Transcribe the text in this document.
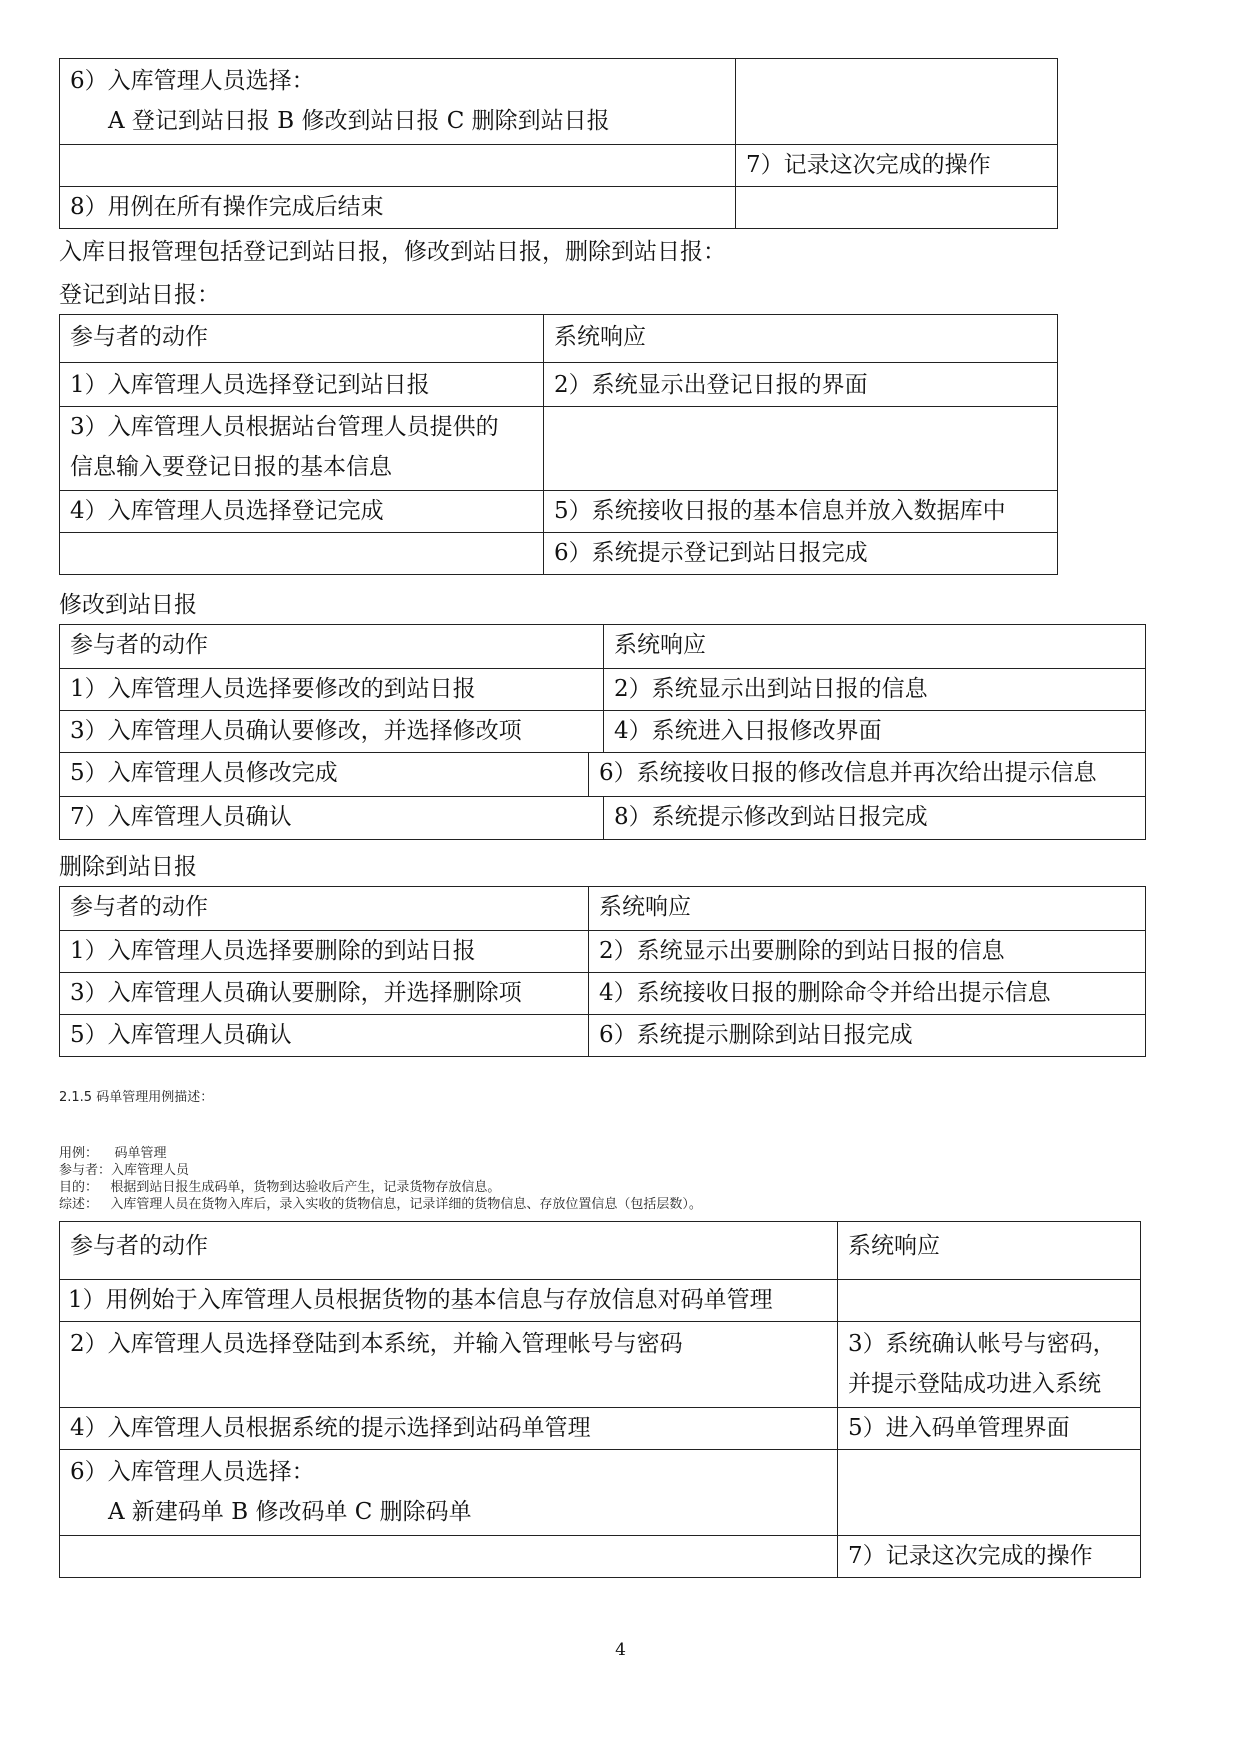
6）入库管理人员选择：
A 登记到站日报 B 修改到站日报 C 删除到站日报	

	7）记录这次完成的操作
8）用例在所有操作完成后结束	
入库日报管理包括登记到站日报，修改到站日报，删除到站日报：
登记到站日报：
参与者的动作	系统响应
1）入库管理人员选择登记到站日报	2）系统显示出登记日报的界面

3）入库管理人员根据站台管理人员提供的
信息输入要登记日报的基本信息	

4）入库管理人员选择登记完成	5）系统接收日报的基本信息并放入数据库中
	6）系统提示登记到站日报完成
修改到站日报
参与者的动作	系统响应
1）入库管理人员选择要修改的到站日报	2）系统显示出到站日报的信息
3）入库管理人员确认要修改，并选择修改项	4）系统进入日报修改界面
5）入库管理人员修改完成	6）系统接收日报的修改信息并再次给出提示信息
7）入库管理人员确认	8）系统提示修改到站日报完成
删除到站日报
参与者的动作	系统响应
1）入库管理人员选择要删除的到站日报	2）系统显示出要删除的到站日报的信息
3）入库管理人员确认要删除，并选择删除项	4）系统接收日报的删除命令并给出提示信息
5）入库管理人员确认	6）系统提示删除到站日报完成
2.1.5 码单管理用例描述：
用例：    码单管理
参与者：入库管理人员
目的：   根据到站日报生成码单，货物到达验收后产生，记录货物存放信息。
综述：   入库管理人员在货物入库后，录入实收的货物信息，记录详细的货物信息、存放位置信息（包括层数）。
参与者的动作	系统响应
1）用例始于入库管理人员根据货物的基本信息与存放信息对码单管理	
2）入库管理人员选择登陆到本系统，并输入管理帐号与密码	3）系统确认帐号与密码，
并提示登陆成功进入系统

4）入库管理人员根据系统的提示选择到站码单管理	5）进入码单管理界面

6）入库管理人员选择：
A 新建码单 B 修改码单 C 删除码单	

	7）记录这次完成的操作
4
